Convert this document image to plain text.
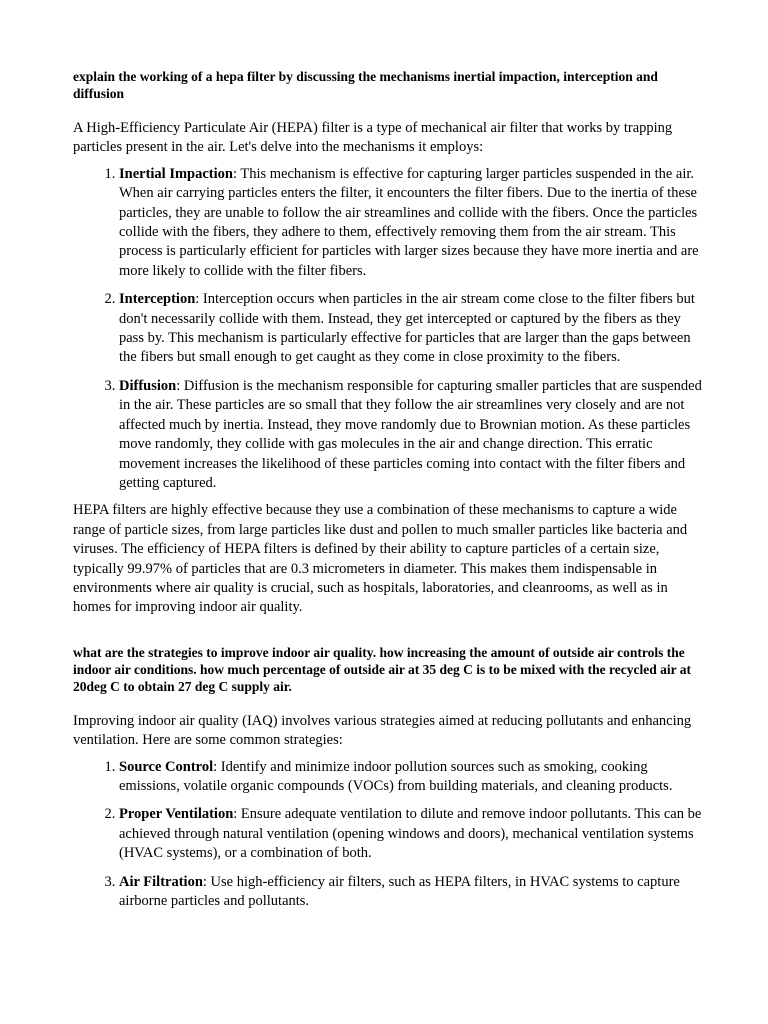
explain the working of a hepa filter by discussing the mechanisms inertial impaction, interception and diffusion

A High-Efficiency Particulate Air (HEPA) filter is a type of mechanical air filter that works by trapping particles present in the air. Let's delve into the mechanisms it employs:

1. Inertial Impaction: This mechanism is effective for capturing larger particles suspended in the air. When air carrying particles enters the filter, it encounters the filter fibers. Due to the inertia of these particles, they are unable to follow the air streamlines and collide with the fibers. Once the particles collide with the fibers, they adhere to them, effectively removing them from the air stream. This process is particularly efficient for particles with larger sizes because they have more inertia and are more likely to collide with the filter fibers.
2. Interception: Interception occurs when particles in the air stream come close to the filter fibers but don't necessarily collide with them. Instead, they get intercepted or captured by the fibers as they pass by. This mechanism is particularly effective for particles that are larger than the gaps between the fibers but small enough to get caught as they come in close proximity to the fibers.
3. Diffusion: Diffusion is the mechanism responsible for capturing smaller particles that are suspended in the air. These particles are so small that they follow the air streamlines very closely and are not affected much by inertia. Instead, they move randomly due to Brownian motion. As these particles move randomly, they collide with gas molecules in the air and change direction. This erratic movement increases the likelihood of these particles coming into contact with the filter fibers and getting captured.

HEPA filters are highly effective because they use a combination of these mechanisms to capture a wide range of particle sizes, from large particles like dust and pollen to much smaller particles like bacteria and viruses. The efficiency of HEPA filters is defined by their ability to capture particles of a certain size, typically 99.97% of particles that are 0.3 micrometers in diameter. This makes them indispensable in environments where air quality is crucial, such as hospitals, laboratories, and cleanrooms, as well as in homes for improving indoor air quality.

what are the strategies to improve indoor air quality. how increasing the amount of outside air controls the indoor air conditions. how much percentage of outside air at 35 deg C is to be mixed with the recycled air at 20deg C to obtain 27 deg C supply air.

Improving indoor air quality (IAQ) involves various strategies aimed at reducing pollutants and enhancing ventilation. Here are some common strategies:

1. Source Control: Identify and minimize indoor pollution sources such as smoking, cooking emissions, volatile organic compounds (VOCs) from building materials, and cleaning products.
2. Proper Ventilation: Ensure adequate ventilation to dilute and remove indoor pollutants. This can be achieved through natural ventilation (opening windows and doors), mechanical ventilation systems (HVAC systems), or a combination of both.
3. Air Filtration: Use high-efficiency air filters, such as HEPA filters, in HVAC systems to capture airborne particles and pollutants.
